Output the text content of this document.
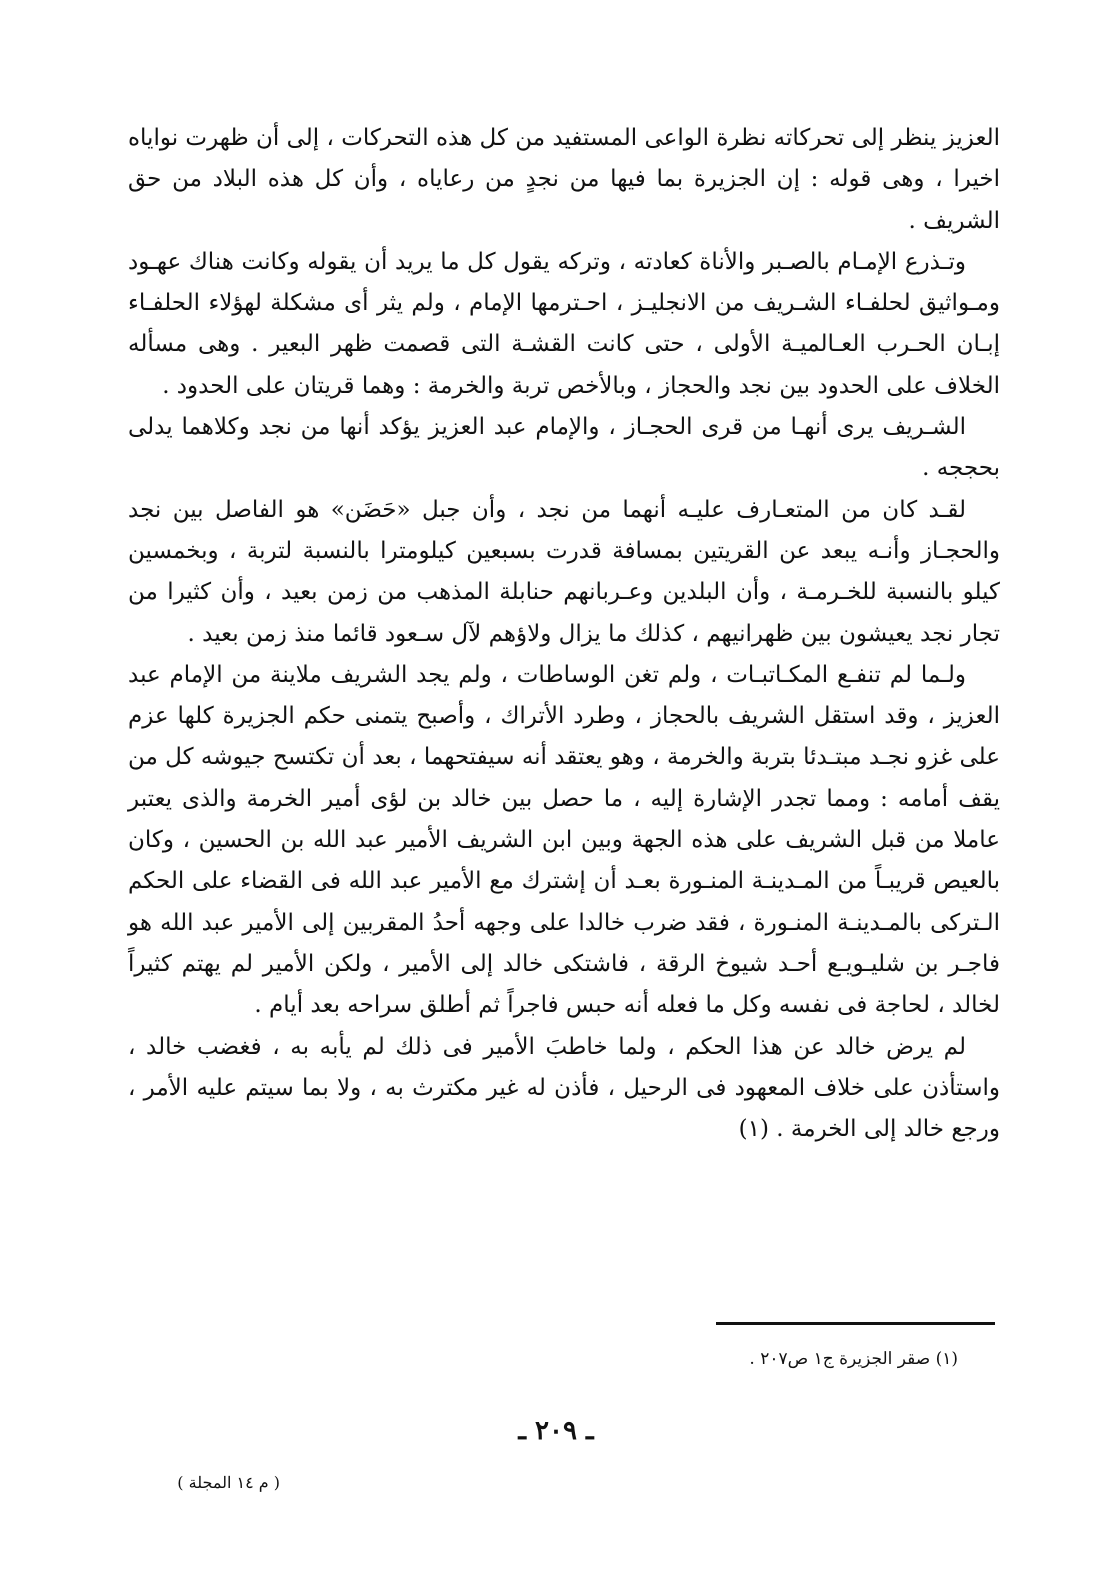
العزيز ينظر إلى تحركاته نظرة الواعى المستفيد من كل هذه التحركات ، إلى أن ظهرت نواياه اخيرا ، وهى قوله : إن الجزيرة بما فيها من نجدٍ من رعاياه ، وأن كل هذه البلاد من حق الشريف .

وتـذرع الإمـام بالصـبر والأناة كعادته ، وتركه يقول كل ما يريد أن يقوله وكانت هناك عهـود ومـواثيق لحلفـاء الشـريف من الانجليـز ، احـترمها الإمام ، ولم يثر أى مشكلة لهؤلاء الحلفـاء إبـان الحـرب العـالميـة الأولى ، حتى كانت القشـة التى قصمت ظهر البعير . وهى مسأله الخلاف على الحدود بين نجد والحجاز ، وبالأخص تربة والخرمة : وهما قريتان على الحدود .

الشـريف يرى أنهـا من قرى الحجـاز ، والإمام عبد العزيز يؤكد أنها من نجد وكلاهما يدلى بحججه .

لقـد كان من المتعـارف عليـه أنهما من نجد ، وأن جبل «حَضَن» هو الفاصل بين نجد والحجـاز وأنـه يبعد عن القريتين بمسافة قدرت بسبعين كيلومترا بالنسبة لتربة ، وبخمسين كيلو بالنسبة للخـرمـة ، وأن البلدين وعـربانهم حنابلة المذهب من زمن بعيد ، وأن كثيرا من تجار نجد يعيشون بين ظهرانيهم ، كذلك ما يزال ولاؤهم لآل سـعود قائما منذ زمن بعيد .

ولـما لم تنفـع المكـاتبـات ، ولم تغن الوساطات ، ولم يجد الشريف ملاينة من الإمام عبد العزيز ، وقد استقل الشريف بالحجاز ، وطرد الأتراك ، وأصبح يتمنى حكم الجزيرة كلها عزم على غزو نجـد مبتـدئا بتربة والخرمة ، وهو يعتقد أنه سيفتحهما ، بعد أن تكتسح جيوشه كل من يقف أمامه : ومما تجدر الإشارة إليه ، ما حصل بين خالد بن لؤى أمير الخرمة والذى يعتبر عاملا من قبل الشريف على هذه الجهة وبين ابن الشريف الأمير عبد الله بن الحسين ، وكان بالعيص قريبـاً من المـدينـة المنـورة بعـد أن إشترك مع الأمير عبد الله فى القضاء على الحكم الـتركى بالمـدينـة المنـورة ، فقد ضرب خالدا على وجهه أحدُ المقربين إلى الأمير عبد الله هو فاجـر بن شليـويـع أحـد شيوخ الرقة ، فاشتكى خالد إلى الأمير ، ولكن الأمير لم يهتم كثيراً لخالد ، لحاجة فى نفسه وكل ما فعله أنه حبس فاجراً ثم أطلق سراحه بعد أيام .

لم يرض خالد عن هذا الحكم ، ولما خاطبَ الأمير فى ذلك لم يأبه به ، فغضب خالد ، واستأذن على خلاف المعهود فى الرحيل ، فأذن له غير مكترث به ، ولا بما سيتم عليه الأمر ، ورجع خالد إلى الخرمة . (١)

(١) صقر الجزيرة ج١ ص٢٠٧ .
ـ ٢٠٩ ـ
( م ١٤ المجلة )
